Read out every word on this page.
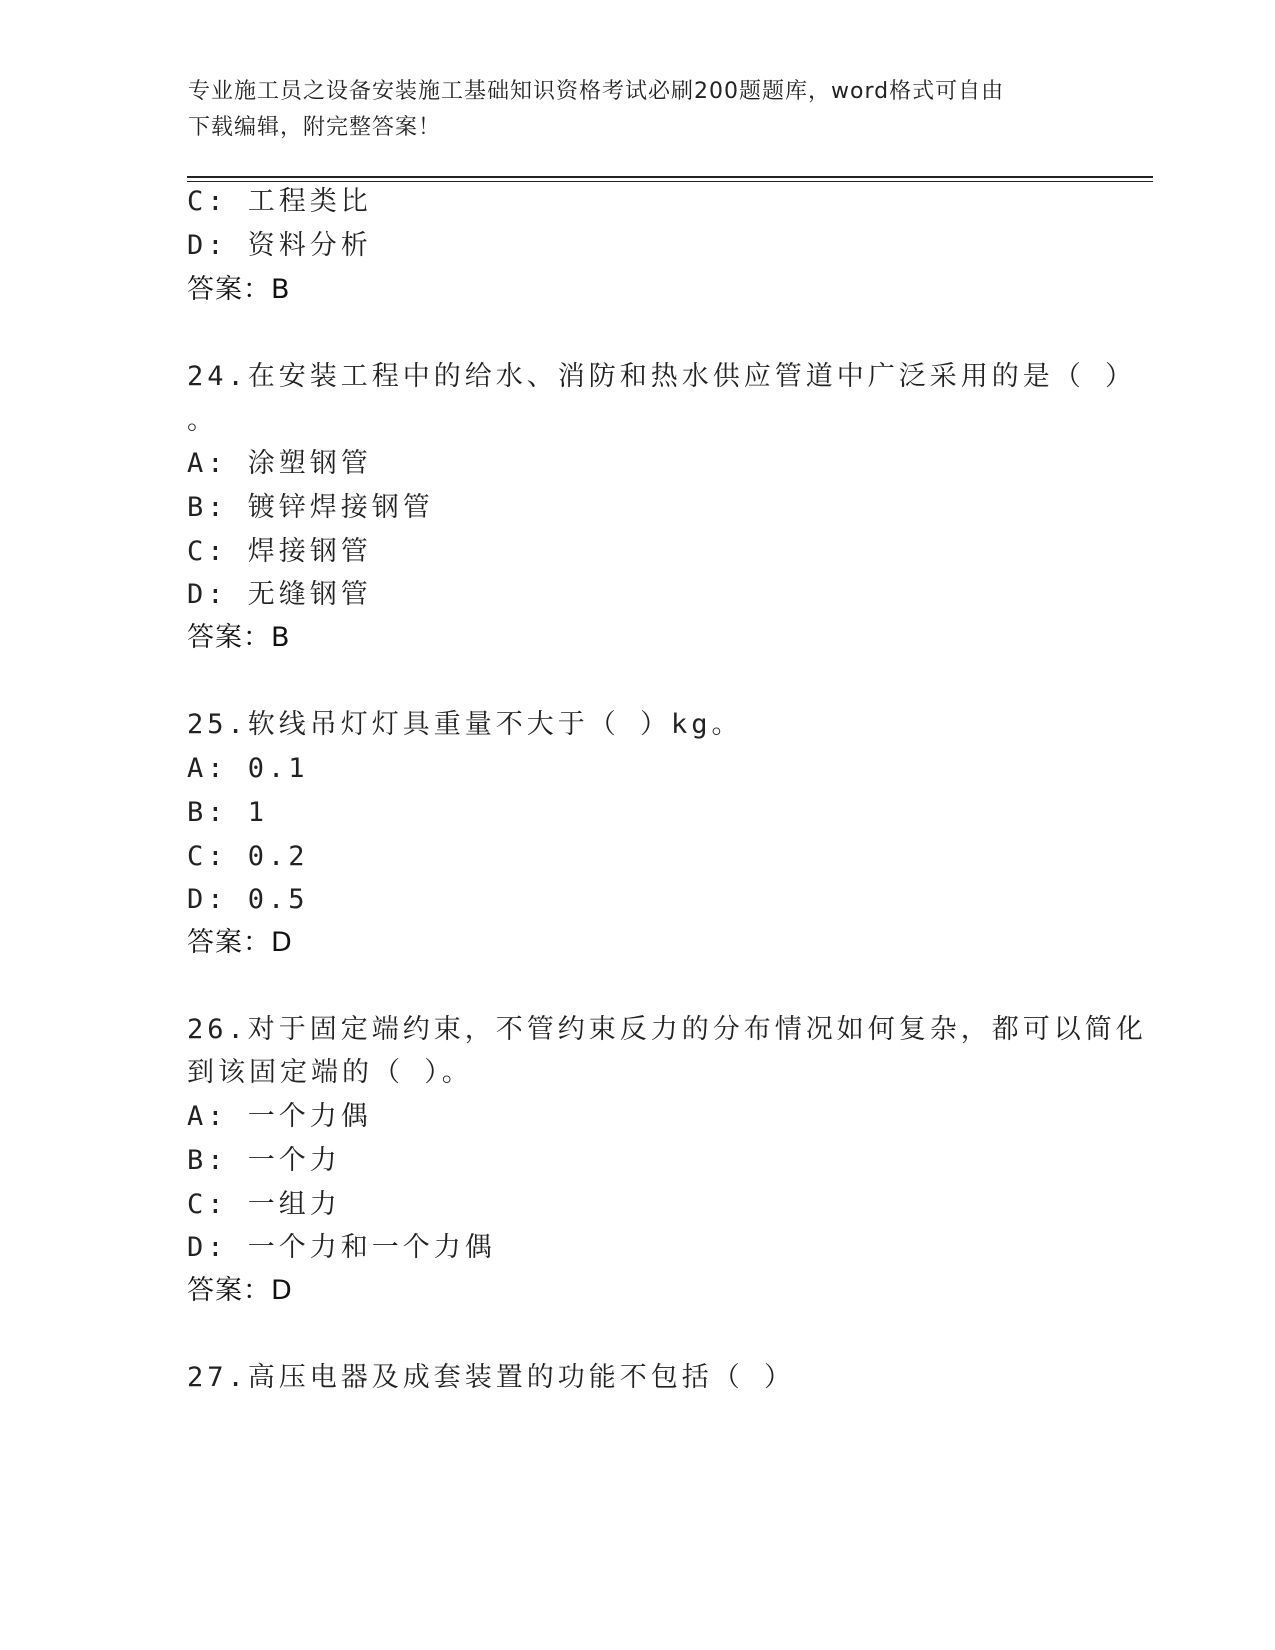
专业施工员之设备安装施工基础知识资格考试必刷200题题库，word格式可自由
下载编辑，附完整答案！
C: 工程类比
D: 资料分析
答案：B
24.在安装工程中的给水、消防和热水供应管道中广泛采用的是（ ）
。
A: 涂塑钢管
B: 镀锌焊接钢管
C: 焊接钢管
D: 无缝钢管
答案：B
25.软线吊灯灯具重量不大于（ ）kg。
A: 0.1
B: 1
C: 0.2
D: 0.5
答案：D
26.对于固定端约束，不管约束反力的分布情况如何复杂，都可以简化
到该固定端的（ ）。
A: 一个力偶
B: 一个力
C: 一组力
D: 一个力和一个力偶
答案：D
27.高压电器及成套装置的功能不包括（ ）
